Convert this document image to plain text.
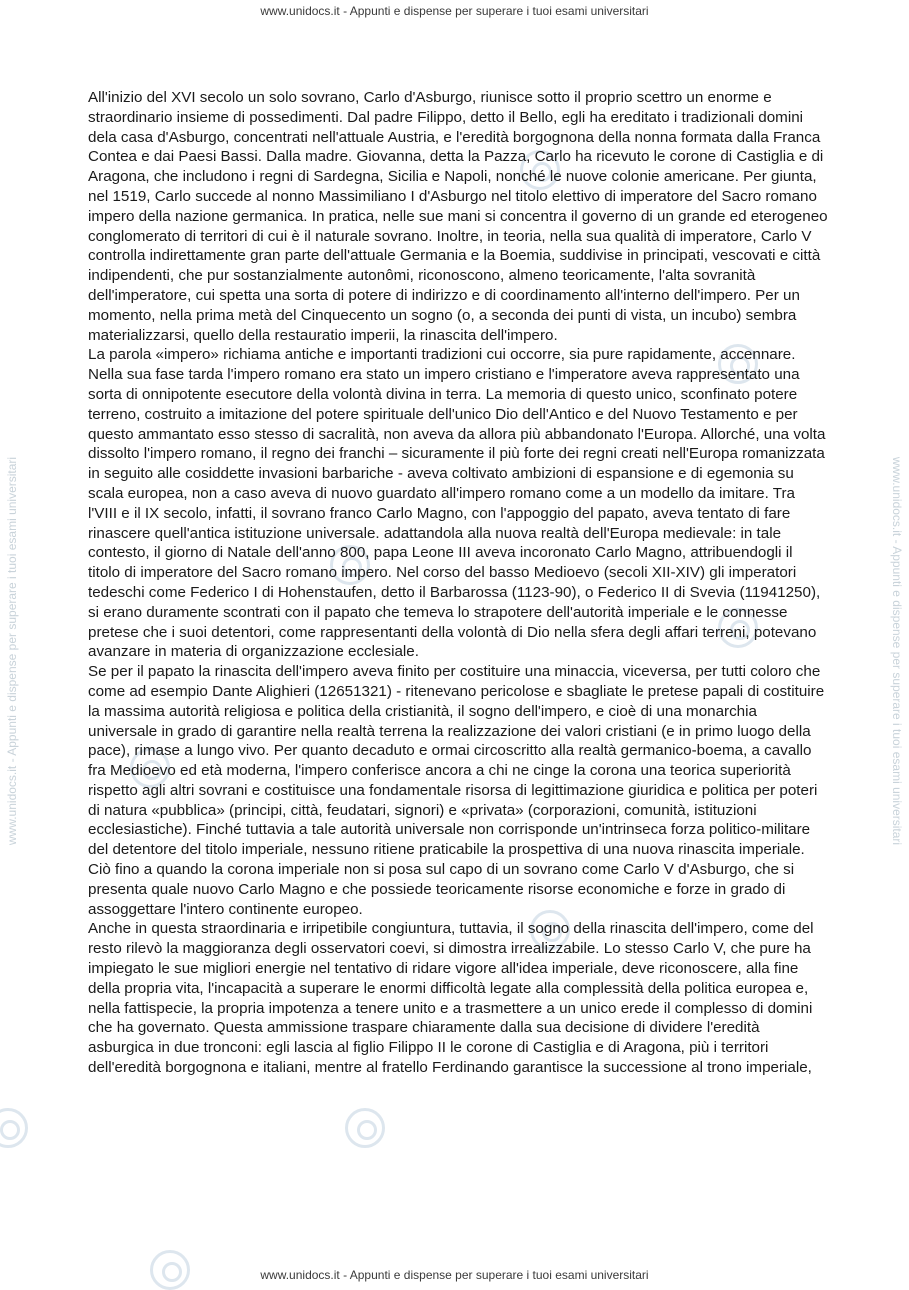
www.unidocs.it - Appunti e dispense per superare i tuoi esami universitari
www.unidocs.it - Appunti e dispense per superare i tuoi esami universitari
www.unidocs.it - Appunti e dispense per superare i tuoi esami universitari	www.unidocs.it - Appunti e dispense per superare i tuoi esami universitari

All'inizio del XVI secolo un solo sovrano, Carlo d'Asburgo, riunisce sotto il proprio scettro un enorme e straordinario insieme di possedimenti. Dal padre Filippo, detto il Bello, egli ha ereditato i tradizionali domini dela casa d'Asburgo, concentrati nell'attuale Austria, e l'eredità borgognona della nonna formata dalla Franca Contea e dai Paesi Bassi. Dalla madre. Giovanna, detta la Pazza, Carlo ha ricevuto le corone di Castiglia e di Aragona, che includono i regni di Sardegna, Sicilia e Napoli, nonché le nuove colonie americane. Per giunta, nel 1519, Carlo succede al nonno Massimiliano I d'Asburgo nel titolo elettivo di imperatore del Sacro romano impero della nazione germanica. In pratica, nelle sue mani si concentra il governo di un grande ed eterogeneo conglomerato di territori di cui è il naturale sovrano. Inoltre, in teoria, nella sua qualità di imperatore, Carlo V controlla indirettamente gran parte dell'attuale Germania e la Boemia, suddivise in principati, vescovati e città indipendenti, che pur sostanzialmente autonômi, riconoscono, almeno teoricamente, l'alta sovranità dell'imperatore, cui spetta una sorta di potere di indirizzo e di coordinamento all'interno dell'impero. Per un momento, nella prima metà del Cinquecento un sogno (o, a seconda dei punti di vista, un incubo) sembra materializzarsi, quello della restauratio imperii, la rinascita dell'impero.

La parola «impero» richiama antiche e importanti tradizioni cui occorre, sia pure rapidamente, accennare. Nella sua fase tarda l'impero romano era stato un impero cristiano e l'imperatore aveva rappresentato una sorta di onnipotente esecutore della volontà divina in terra. La memoria di questo unico, sconfinato potere terreno, costruito a imitazione del potere spirituale dell'unico Dio dell'Antico e del Nuovo Testamento e per questo ammantato esso stesso di sacralità, non aveva da allora più abbandonato l'Europa. Allorché, una volta dissolto l'impero romano, il regno dei franchi – sicuramente il più forte dei regni creati nell'Europa romanizzata in seguito alle cosiddette invasioni barbariche - aveva coltivato ambizioni di espansione e di egemonia su scala europea, non a caso aveva di nuovo guardato all'impero romano come a un modello da imitare. Tra l'VIII e il IX secolo, infatti, il sovrano franco Carlo Magno, con l'appoggio del papato, aveva tentato di fare rinascere quell'antica istituzione universale. adattandola alla nuova realtà dell'Europa medievale: in tale contesto, il giorno di Natale dell'anno 800, papa Leone III aveva incoronato Carlo Magno, attribuendogli il titolo di imperatore del Sacro romano impero. Nel corso del basso Medioevo (secoli XII-XIV) gli imperatori tedeschi come Federico I di Hohenstaufen, detto il Barbarossa (1123-90), o Federico II di Svevia (11941250), si erano duramente scontrati con il papato che temeva lo strapotere dell'autorità imperiale e le connesse pretese che i suoi detentori, come rappresentanti della volontà di Dio nella sfera degli affari terreni, potevano avanzare in materia di organizzazione ecclesiale.

Se per il papato la rinascita dell'impero aveva finito per costituire una minaccia, viceversa, per tutti coloro che come ad esempio Dante Alighieri (12651321) - ritenevano pericolose e sbagliate le pretese papali di costituire la massima autorità religiosa e politica della cristianità, il sogno dell'impero, e cioè di una monarchia universale in grado di garantire nella realtà terrena la realizzazione dei valori cristiani (e in primo luogo della pace), rimase a lungo vivo. Per quanto decaduto e ormai circoscritto alla realtà germanico-boema, a cavallo fra Medioevo ed età moderna, l'impero conferisce ancora a chi ne cinge la corona una teorica superiorità rispetto agli altri sovrani e costituisce una fondamentale risorsa di legittimazione giuridica e politica per poteri di natura «pubblica» (principi, città, feudatari, signori) e «privata» (corporazioni, comunità, istituzioni ecclesiastiche). Finché tuttavia a tale autorità universale non corrisponde un'intrinseca forza politico-militare del detentore del titolo imperiale, nessuno ritiene praticabile la prospettiva di una nuova rinascita imperiale. Ciò fino a quando la corona imperiale non si posa sul capo di un sovrano come Carlo V d'Asburgo, che si presenta quale nuovo Carlo Magno e che possiede teoricamente risorse economiche e forze in grado di assoggettare l'intero continente europeo.

Anche in questa straordinaria e irripetibile congiuntura, tuttavia, il sogno della rinascita dell'impero, come del resto rilevò la maggioranza degli osservatori coevi, si dimostra irrealizzabile. Lo stesso Carlo V, che pure ha impiegato le sue migliori energie nel tentativo di ridare vigore all'idea imperiale, deve riconoscere, alla fine della propria vita, l'incapacità a superare le enormi difficoltà legate alla complessità della politica europea e, nella fattispecie, la propria impotenza a tenere unito e a trasmettere a un unico erede il complesso di domini che ha governato. Questa ammissione traspare chiaramente dalla sua decisione di dividere l'eredità asburgica in due tronconi: egli lascia al figlio Filippo II le corone di Castiglia e di Aragona, più i territori dell'eredità borgognona e italiani, mentre al fratello Ferdinando garantisce la successione al trono imperiale,
